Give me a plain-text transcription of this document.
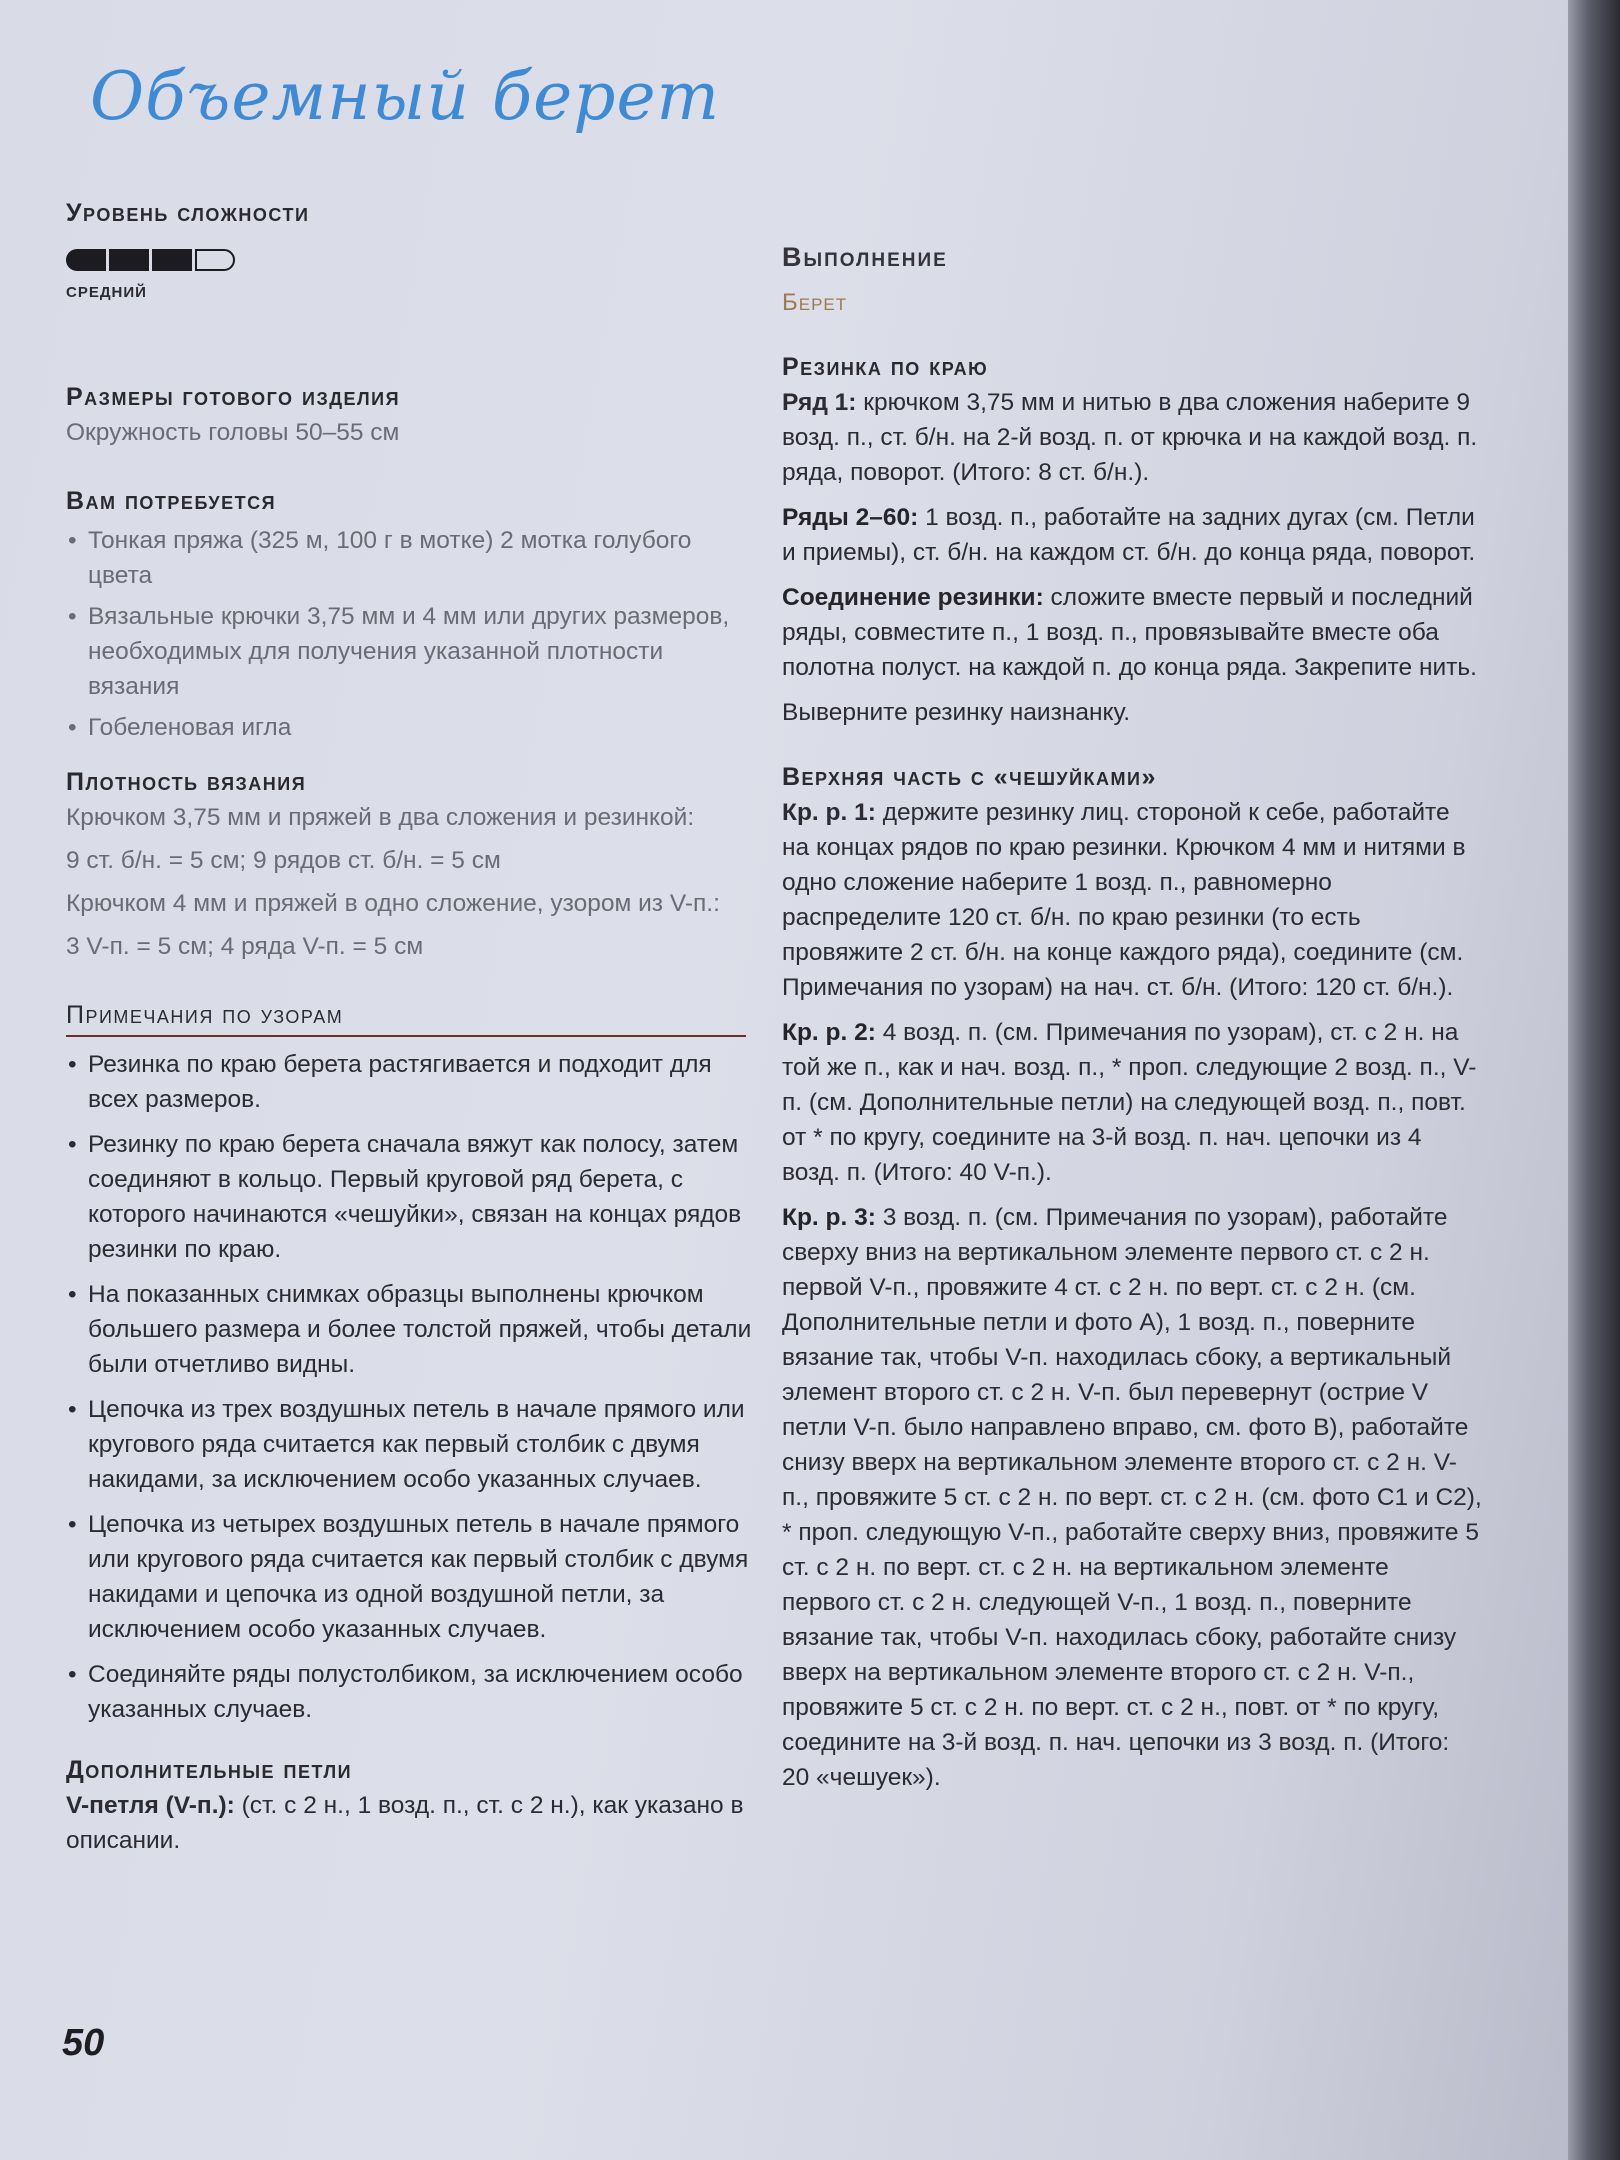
Объемный берет

Уровень сложности

СРЕДНИЙ

Размеры готового изделия

Окружность головы 50–55 см

Вам потребуется

• Тонкая пряжа (325 м, 100 г в мотке) 2 мотка голубого цвета
• Вязальные крючки 3,75 мм и 4 мм или других размеров, необходимых для получения указанной плотности вязания
• Гобеленовая игла

Плотность вязания

Крючком 3,75 мм и пряжей в два сложения и резинкой:

9 ст. б/н. = 5 см; 9 рядов ст. б/н. = 5 см

Крючком 4 мм и пряжей в одно сложение, узором из V-п.:

3 V-п. = 5 см; 4 ряда V-п. = 5 см

Примечания по узорам
• Резинка по краю берета растягивается и подходит для всех размеров.
• Резинку по краю берета сначала вяжут как полосу, затем соединяют в кольцо. Первый круговой ряд берета, с которого начинаются «чешуйки», связан на концах рядов резинки по краю.
• На показанных снимках образцы выполнены крючком большего размера и более толстой пряжей, чтобы детали были отчетливо видны.
• Цепочка из трех воздушных петель в начале прямого или кругового ряда считается как первый столбик с двумя накидами, за исключением особо указанных случаев.
• Цепочка из четырех воздушных петель в начале прямого или кругового ряда считается как первый столбик с двумя накидами и цепочка из одной воздушной петли, за исключением особо указанных случаев.
• Соединяйте ряды полустолбиком, за исключением особо указанных случаев.

Дополнительные петли

V-петля (V-п.): (ст. с 2 н., 1 возд. п., ст. с 2 н.), как указано в описании.

Выполнение

Берет

Резинка по краю

Ряд 1: крючком 3,75 мм и нитью в два сложения наберите 9 возд. п., ст. б/н. на 2-й возд. п. от крючка и на каждой возд. п. ряда, поворот. (Итого: 8 ст. б/н.).

Ряды 2–60: 1 возд. п., работайте на задних дугах (см. Петли и приемы), ст. б/н. на каждом ст. б/н. до конца ряда, поворот.

Соединение резинки: сложите вместе первый и последний ряды, совместите п., 1 возд. п., провязывайте вместе оба полотна полуст. на каждой п. до конца ряда. Закрепите нить.

Выверните резинку наизнанку.

Верхняя часть с «чешуйками»

Кр. р. 1: держите резинку лиц. стороной к себе, работайте на концах рядов по краю резинки. Крючком 4 мм и нитями в одно сложение наберите 1 возд. п., равномерно распределите 120 ст. б/н. по краю резинки (то есть провяжите 2 ст. б/н. на конце каждого ряда), соедините (см. Примечания по узорам) на нач. ст. б/н. (Итого: 120 ст. б/н.).

Кр. р. 2: 4 возд. п. (см. Примечания по узорам), ст. с 2 н. на той же п., как и нач. возд. п., * проп. следующие 2 возд. п., V-п. (см. Дополнительные петли) на следующей возд. п., повт. от * по кругу, соедините на 3-й возд. п. нач. цепочки из 4 возд. п. (Итого: 40 V-п.).

Кр. р. 3: 3 возд. п. (см. Примечания по узорам), работайте сверху вниз на вертикальном элементе первого ст. с 2 н. первой V-п., провяжите 4 ст. с 2 н. по верт. ст. с 2 н. (см. Дополнительные петли и фото А), 1 возд. п., поверните вязание так, чтобы V-п. находилась сбоку, а вертикальный элемент второго ст. с 2 н. V-п. был перевернут (острие V петли V-п. было направлено вправо, см. фото В), работайте снизу вверх на вертикальном элементе второго ст. с 2 н. V-п., провяжите 5 ст. с 2 н. по верт. ст. с 2 н. (см. фото С1 и С2), * проп. следующую V-п., работайте сверху вниз, провяжите 5 ст. с 2 н. по верт. ст. с 2 н. на вертикальном элементе первого ст. с 2 н. следующей V-п., 1 возд. п., поверните вязание так, чтобы V-п. находилась сбоку, работайте снизу вверх на вертикальном элементе второго ст. с 2 н. V-п., провяжите 5 ст. с 2 н. по верт. ст. с 2 н., повт. от * по кругу, соедините на 3-й возд. п. нач. цепочки из 3 возд. п. (Итого: 20 «чешуек»).

50
